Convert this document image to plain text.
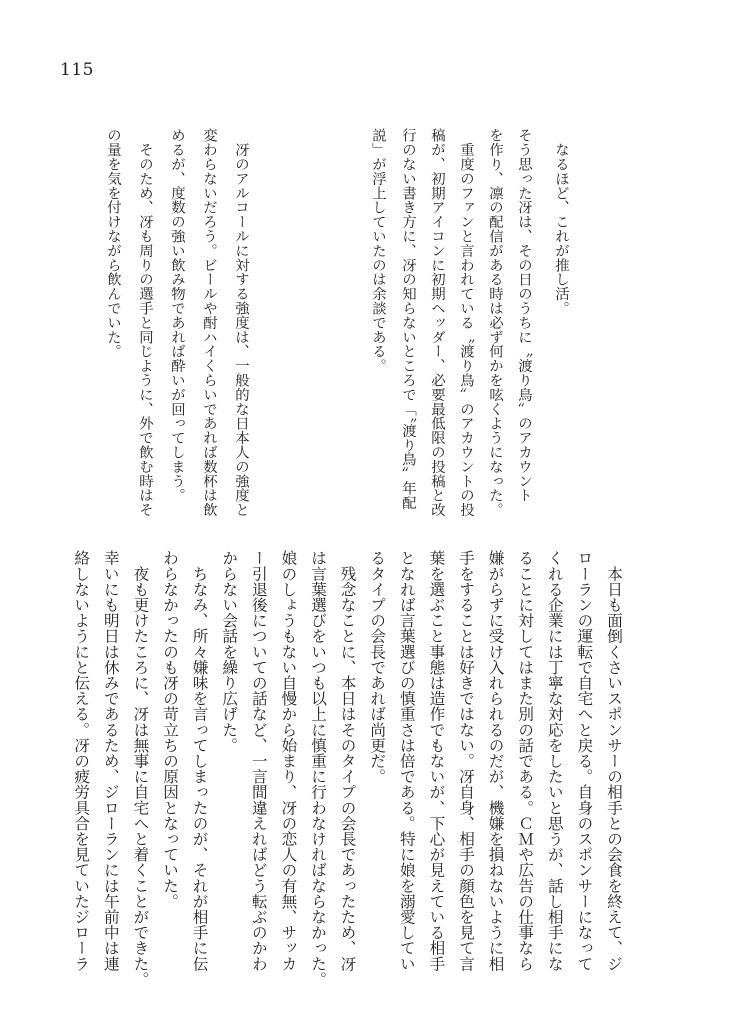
115
　なるほど、これが推し活。
そう思った冴は、その日のうちに〝渡り鳥〟のアカウント
を作り、凛の配信がある時は必ず何かを呟くようになった。
　重度のファンと言われている〝渡り鳥〟のアカウントの投
稿が、初期アイコンに初期ヘッダー、必要最低限の投稿と改
行のない書き方に、冴の知らないところで「〝渡り鳥〟年配
説」が浮上していたのは余談である。
　冴のアルコールに対する強度は、一般的な日本人の強度と
変わらないだろう。ビールや酎ハイくらいであれば数杯は飲
めるが、度数の強い飲み物であれば酔いが回ってしまう。
　そのため、冴も周りの選手と同じように、外で飲む時はそ
の量を気を付けながら飲んでいた。
　本日も面倒くさいスポンサーの相手との会食を終えて、ジ
ローランの運転で自宅へと戻る。自身のスポンサーになって
くれる企業には丁寧な対応をしたいと思うが、話し相手にな
ることに対してはまた別の話である。ＣＭや広告の仕事なら
嫌がらずに受け入れられるのだが、機嫌を損ねないように相
手をすることは好きではない。冴自身、相手の顔色を見て言
葉を選ぶこと事態は造作でもないが、下心が見えている相手
となれば言葉選びの慎重さは倍である。特に娘を溺愛してい
るタイプの会長であれば尚更だ。
　残念なことに、本日はそのタイプの会長であったため、冴
は言葉選びをいつも以上に慎重に行わなければならなかった。
娘のしょうもない自慢から始まり、冴の恋人の有無、サッカ
ー引退後についての話など、一言間違えればどう転ぶのかわ
からない会話を繰り広げた。
　ちなみ、所々嫌味を言ってしまったのが、それが相手に伝
わらなかったのも冴の苛立ちの原因となっていた。
　夜も更けたころに、冴は無事に自宅へと着くことができた。
幸いにも明日は休みであるため、ジローランには午前中は連
絡しないようにと伝える。冴の疲労具合を見ていたジローラ
